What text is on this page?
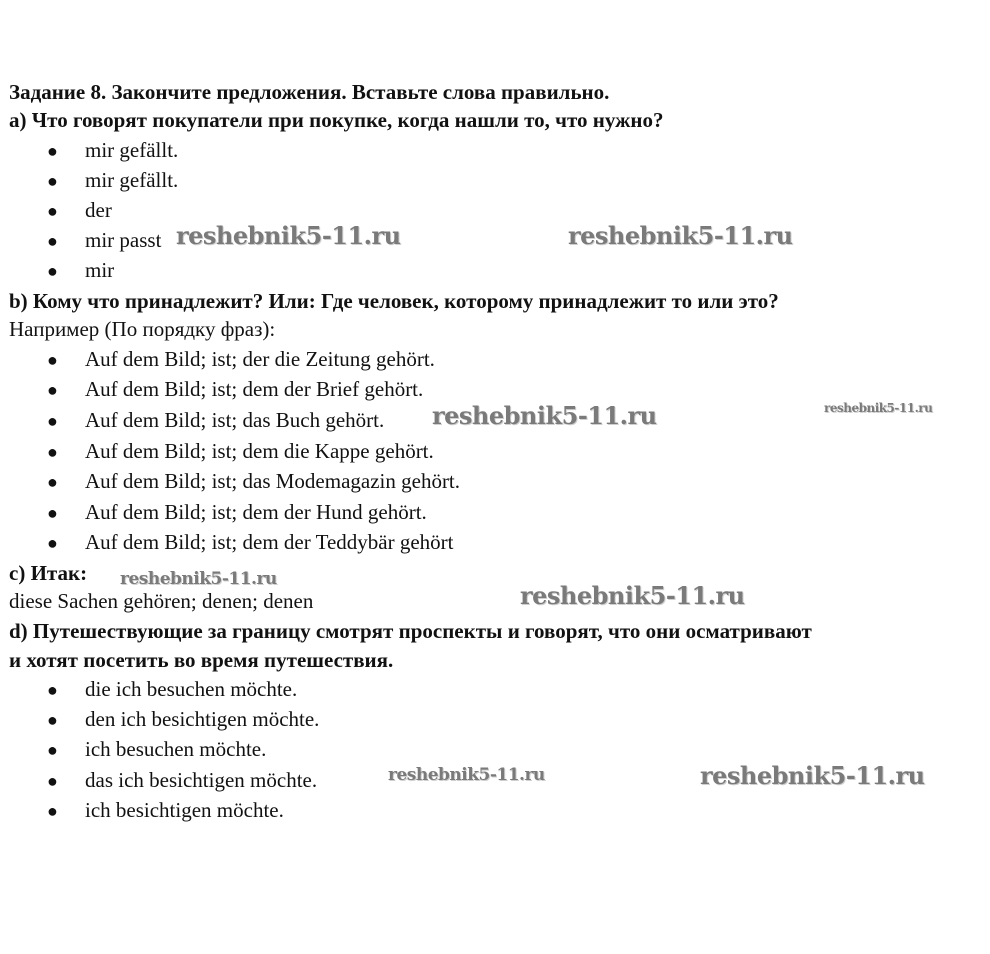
Задание 8. Закончите предложения. Вставьте слова правильно.
a) Что говорят покупатели при покупке, когда нашли то, что нужно?
● mir gefällt.
● mir gefällt.
● der
● mir passt
● mir
b) Кому что принадлежит? Или: Где человек, которому принадлежит то или это?
Например (По порядку фраз):
● Auf dem Bild; ist; der die Zeitung gehört.
● Auf dem Bild; ist; dem der Brief gehört.
● Auf dem Bild; ist; das Buch gehört.
● Auf dem Bild; ist; dem die Kappe gehört.
● Auf dem Bild; ist; das Modemagazin gehört.
● Auf dem Bild; ist; dem der Hund gehört.
● Auf dem Bild; ist; dem der Teddybär gehört
c) Итак:
diese Sachen gehören; denen; denen
d) Путешествующие за границу смотрят проспекты и говорят, что они осматривают
и хотят посетить во время путешествия.
● die ich besuchen möchte.
● den ich besichtigen möchte.
● ich besuchen möchte.
● das ich besichtigen möchte.
● ich besichtigen möchte.
reshebnik5-11.ru	reshebnik5-11.ru
reshebnik5-11.ru	reshebnik5-11.ru
reshebnik5-11.ru
reshebnik5-11.ru
reshebnik5-11.ru	reshebnik5-11.ru
